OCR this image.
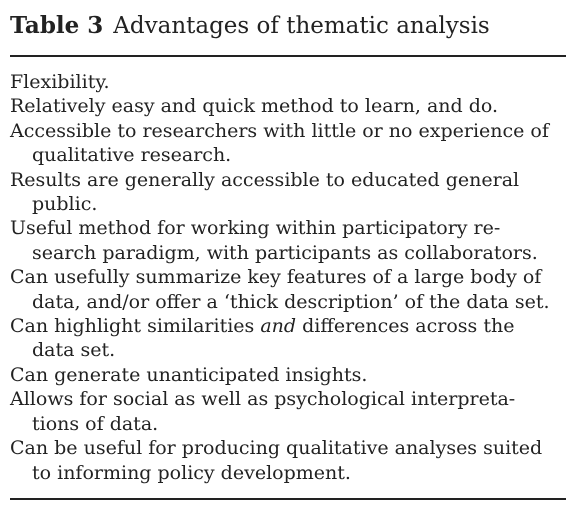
Table 3 Advantages of thematic analysis
Flexibility.
Relatively easy and quick method to learn, and do.
Accessible to researchers with little or no experience of
qualitative research.
Results are generally accessible to educated general
public.
Useful method for working within participatory re-
search paradigm, with participants as collaborators.
Can usefully summarize key features of a large body of
data, and/or offer a ‘thick description’ of the data set.
Can highlight similarities and differences across the
data set.
Can generate unanticipated insights.
Allows for social as well as psychological interpreta-
tions of data.
Can be useful for producing qualitative analyses suited
to informing policy development.
